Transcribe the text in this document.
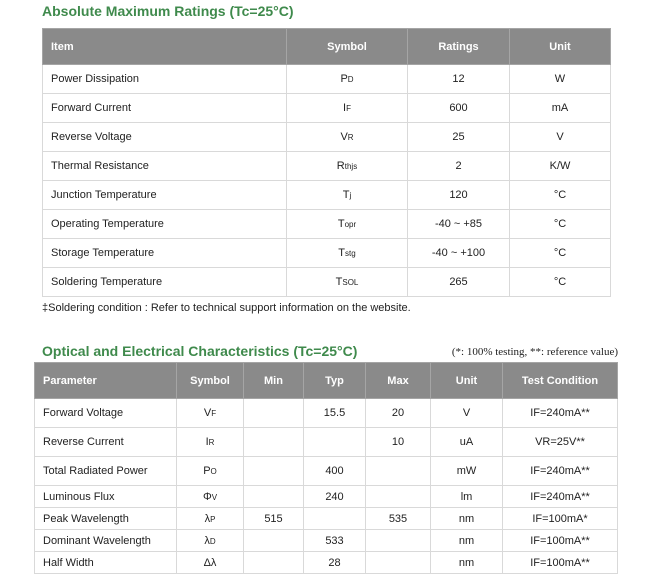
Absolute Maximum Ratings (Tc=25°C)
Item	Symbol	Ratings	Unit
Power Dissipation	PD	12	W
Forward Current	IF	600	mA
Reverse Voltage	VR	25	V
Thermal Resistance	Rthjs	2	K/W
Junction Temperature	Tj	120	°C
Operating Temperature	Topr	-40 ~ +85	°C
Storage Temperature	Tstg	-40 ~ +100	°C
Soldering Temperature	TSOL	265	°C
‡Soldering condition : Refer to technical support information on the website.
Optical and Electrical Characteristics (Tc=25°C)	(*: 100% testing, **: reference value)
Parameter	Symbol	Min	Typ	Max	Unit	Test Condition
Forward Voltage	VF		15.5	20	V	IF=240mA**
Reverse Current	IR			10	uA	VR=25V**
Total Radiated Power	PO		400		mW	IF=240mA**
Luminous Flux	ΦV		240		lm	IF=240mA**
Peak Wavelength	λP	515		535	nm	IF=100mA*
Dominant Wavelength	λD		533		nm	IF=100mA**
Half Width	Δλ		28		nm	IF=100mA**
